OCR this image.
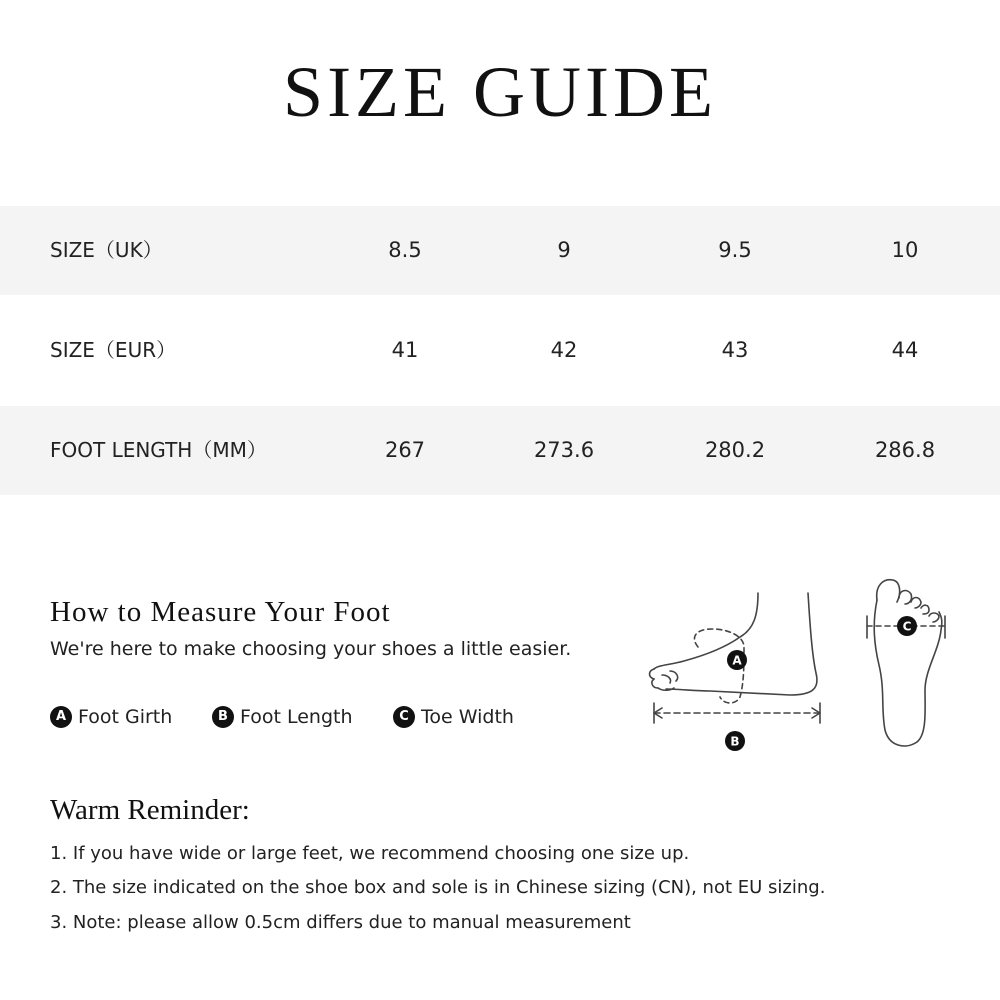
SIZE GUIDE
SIZE（UK）	8.5	9	9.5	10
SIZE（EUR）	41	42	43	44
FOOT LENGTH（MM）	267	273.6	280.2	286.8
How to Measure Your Foot
We're here to make choosing your shoes a little easier.
A Foot Girth	B Foot Length	C Toe Width
A
B
C
Warm Reminder:
1. If you have wide or large feet, we recommend choosing one size up.
2. The size indicated on the shoe box and sole is in Chinese sizing (CN), not EU sizing.
3. Note: please allow 0.5cm differs due to manual measurement
